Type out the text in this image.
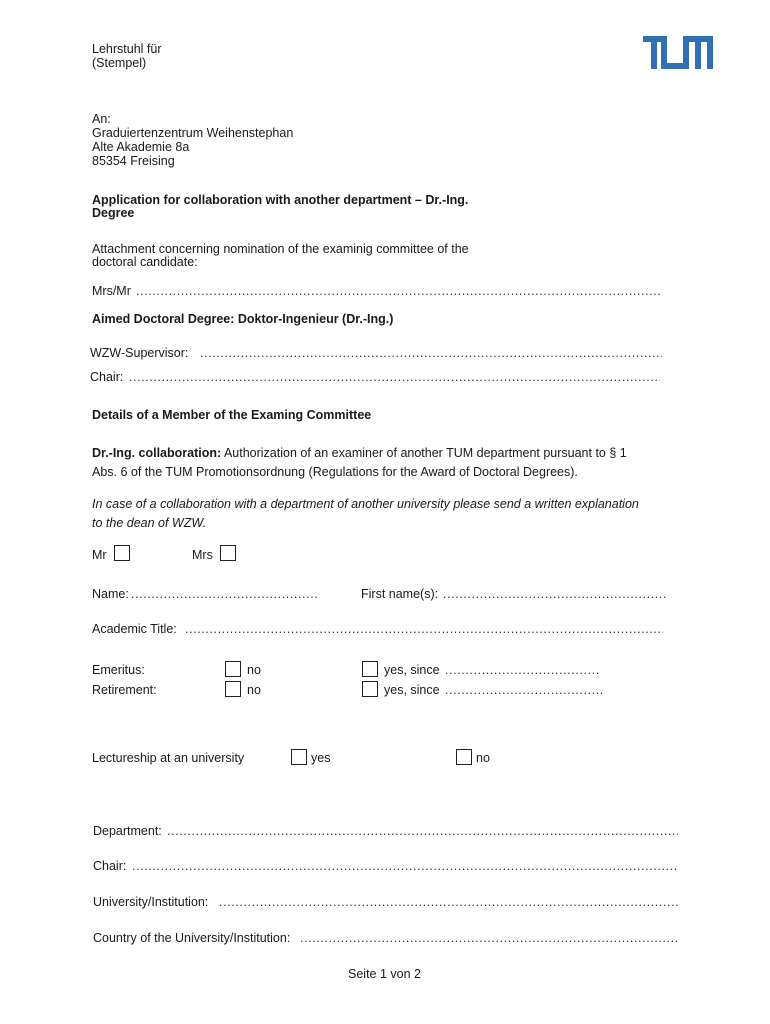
Lehrstuhl für
(Stempel)
An:
Graduiertenzentrum Weihenstephan
Alte Akademie 8a
85354 Freising
Application for collaboration with another department – Dr.-Ing.
Degree
Attachment concerning nomination of the examinig committee of the
doctoral candidate:
Mrs/Mr
.....
Aimed Doctoral Degree: Doktor-Ingenieur (Dr.-Ing.)
WZW-Supervisor:
.....
Chair:
.....
Details of a Member of the Examing Committee
Dr.-Ing. collaboration: Authorization of an examiner of another TUM department pursuant to § 1
Abs. 6 of the TUM Promotionsordnung (Regulations for the Award of Doctoral Degrees).
In case of a collaboration with a department of another university please send a written explanation
to the dean of WZW.
Mr	Mrs
Name:
.....	First name(s):
.....
Academic Title:
.....
Emeritus:	no	yes, since
.....
Retirement:	no	yes, since
.....
Lectureship at an university	yes	no
Department:
.....
Chair:
.....
University/Institution:
.....
Country of the University/Institution:
.....
Seite 1 von 2
